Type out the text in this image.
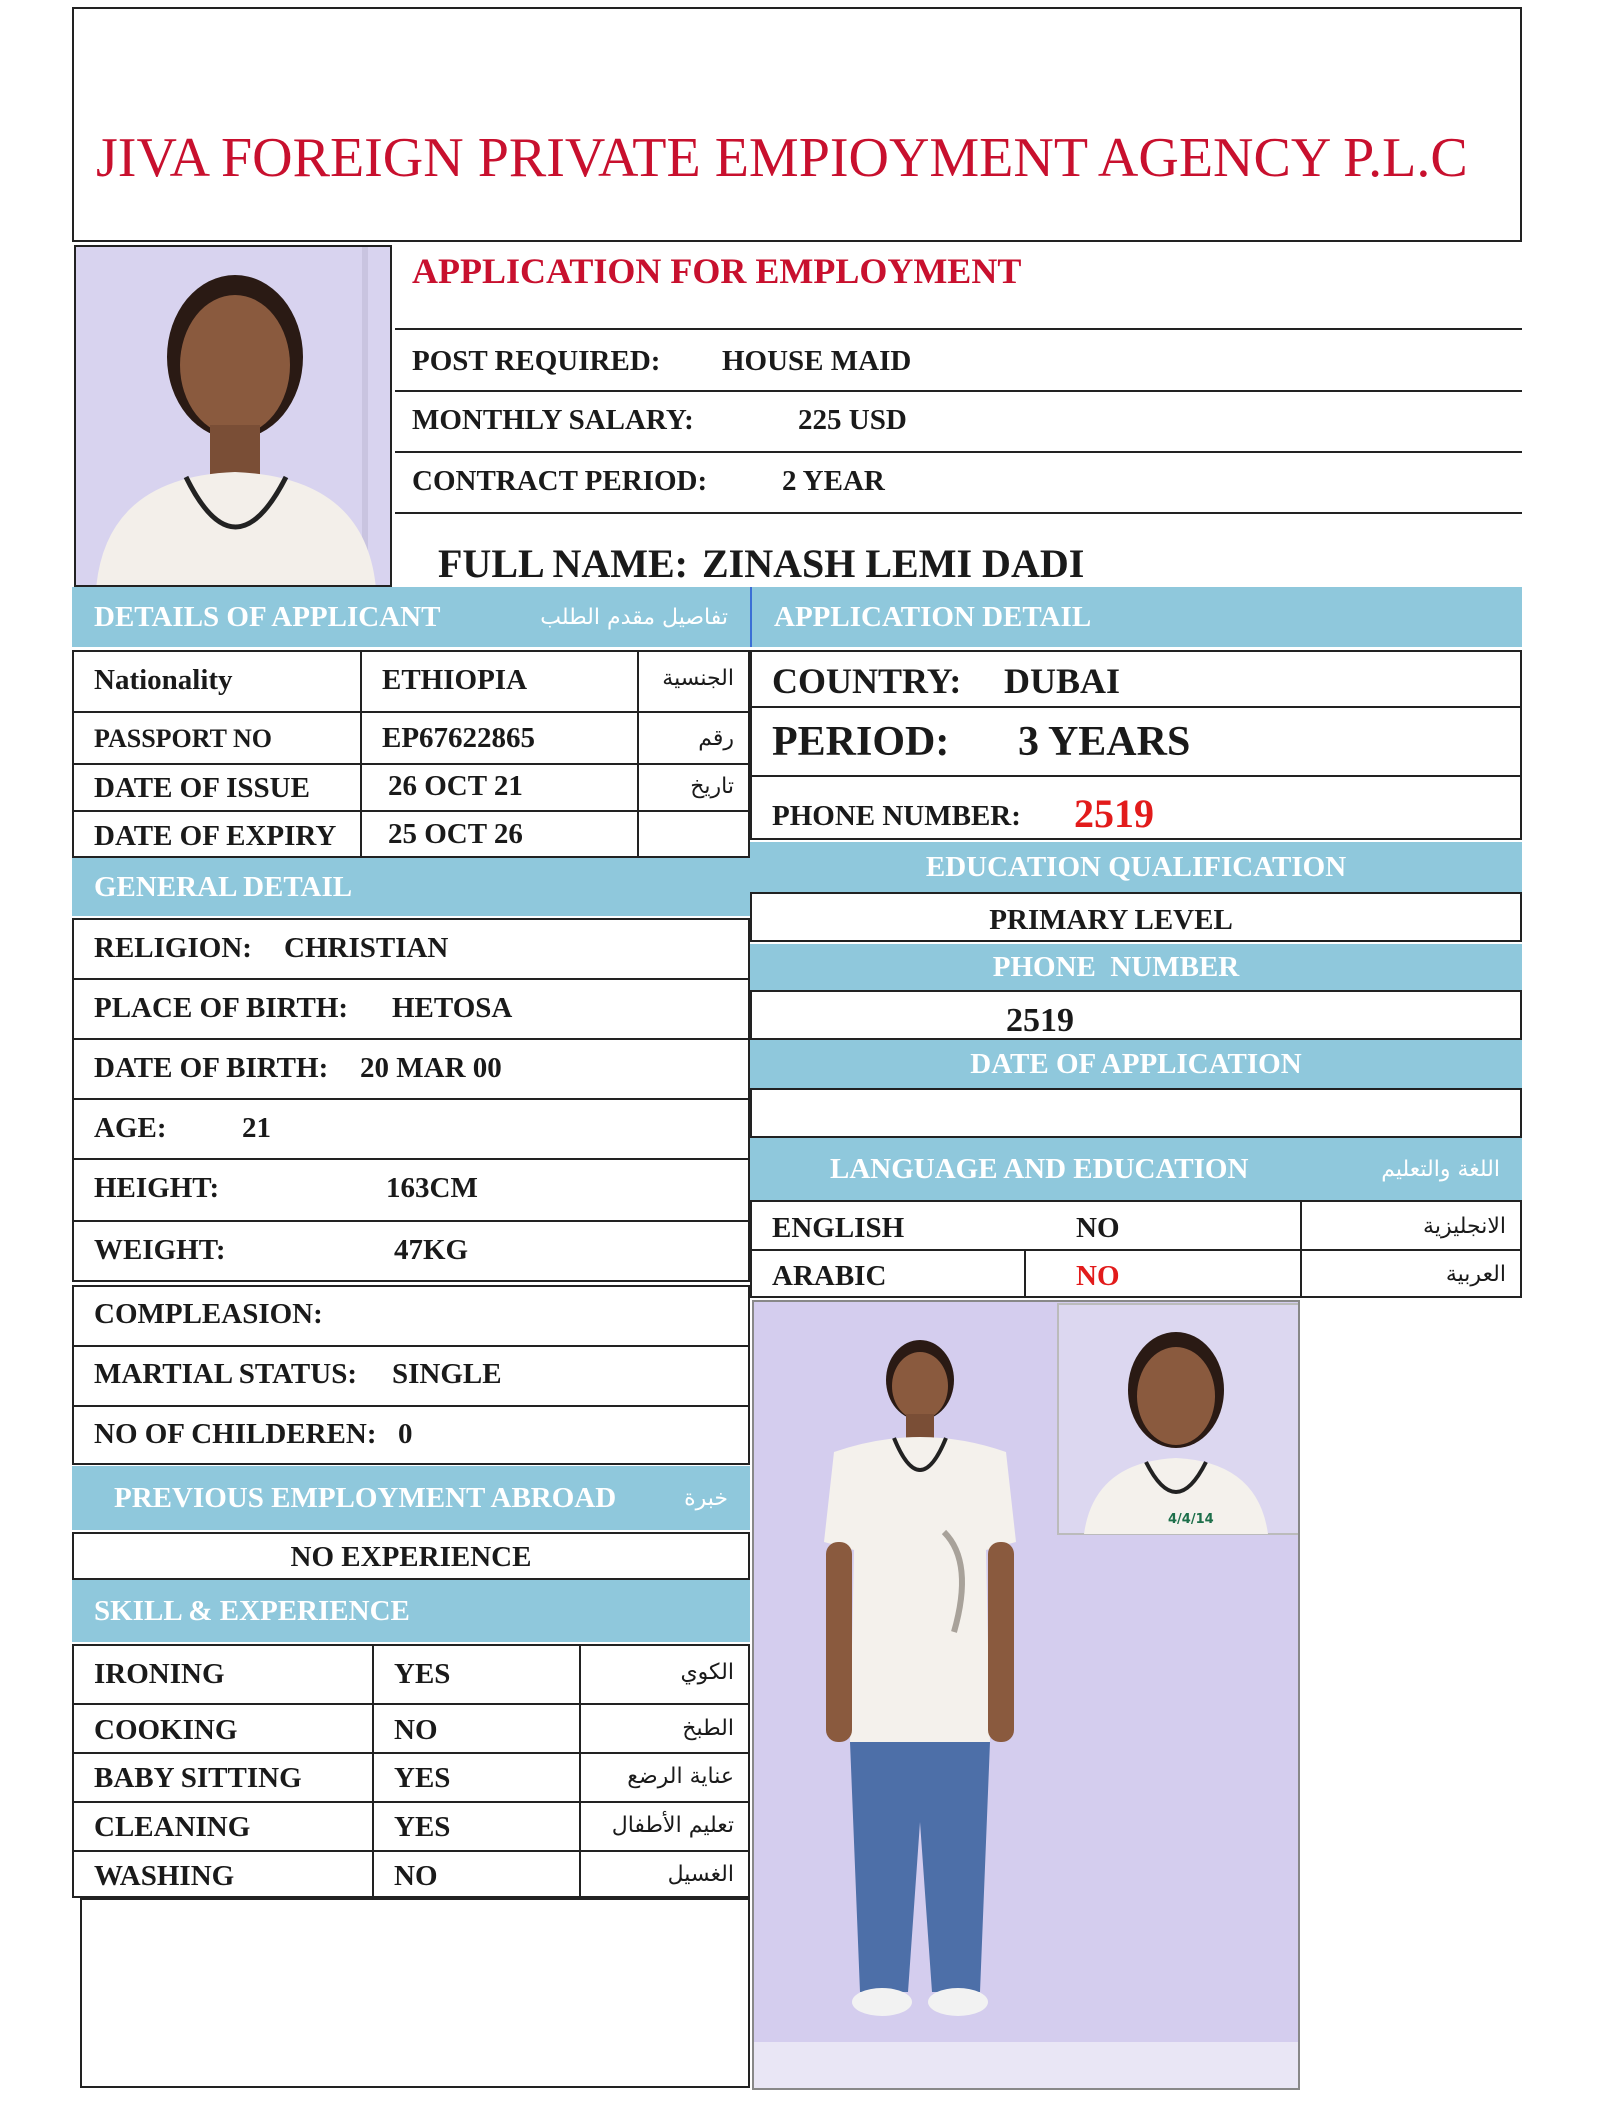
JIVA FOREIGN PRIVATE EMPIOYMENT AGENCY P.L.C
APPLICATION FOR EMPLOYMENT
POST REQUIRED: HOUSE MAID
MONTHLY SALARY:	225 USD
CONTRACT PERIOD:	2 YEAR
FULL NAME: ZINASH LEMI DADI
DETAILS OF APPLICANT	تفاصيل مقدم الطلب
Nationality	ETHIOPIA	الجنسية
PASSPORT NO	EP67622865	رقم
DATE OF ISSUE	26 OCT 21	تاريخ
DATE OF EXPIRY 25 OCT 26
GENERAL DETAIL
RELIGION: CHRISTIAN
PLACE OF BIRTH: HETOSA
DATE OF BIRTH: 20 MAR 00
AGE:	21
HEIGHT:	163CM
WEIGHT:	47KG
COMPLEASION:
MARTIAL STATUS: SINGLE
NO OF CHILDEREN: 0
PREVIOUS EMPLOYMENT ABROAD	خبرة
NO EXPERIENCE
SKILL & EXPERIENCE
IRONING	YES	الكوي
COOKING	NO	الطبخ
BABY SITTING	YES	عناية الرضع
CLEANING	YES	تعليم الأطفال
WASHING	NO	الغسيل
APPLICATION DETAIL
COUNTRY: DUBAI
PERIOD: 3 YEARS
PHONE NUMBER: 2519
EDUCATION QUALIFICATION
PRIMARY LEVEL
PHONE  NUMBER
2519
DATE OF APPLICATION
LANGUAGE AND EDUCATION	اللغة والتعليم
ENGLISH	NO	الانجليزية
ARABIC	NO	العربية
4/4/14
